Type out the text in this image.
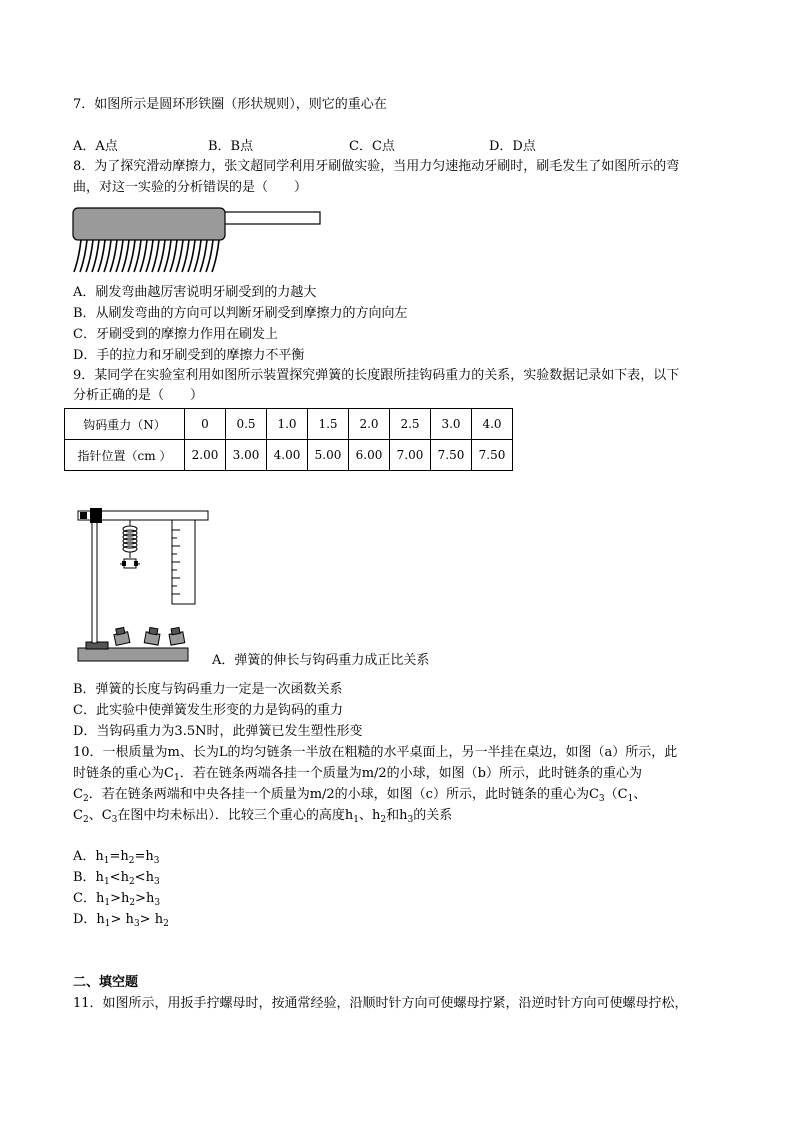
7．如图所示是圆环形铁圈（形状规则），则它的重心在
A．A点	B．B点	C．C点	D．D点
8．为了探究滑动摩擦力，张文超同学利用牙刷做实验，当用力匀速拖动牙刷时，刷毛发生了如图所示的弯
曲，对这一实验的分析错误的是（　　）
A．刷发弯曲越厉害说明牙刷受到的力越大
B．从刷发弯曲的方向可以判断牙刷受到摩擦力的方向向左
C．牙刷受到的摩擦力作用在刷发上
D．手的拉力和牙刷受到的摩擦力不平衡
9．某同学在实验室利用如图所示装置探究弹簧的长度跟所挂钩码重力的关系，实验数据记录如下表，以下
分析正确的是（　　）
钩码重力（N）	0	0.5	1.0	1.5	2.0	2.5	3.0	4.0
指针位置（cm ）	2.00	3.00	4.00	5.00	6.00	7.00	7.50	7.50
A．弹簧的伸长与钩码重力成正比关系
B．弹簧的长度与钩码重力一定是一次函数关系
C．此实验中使弹簧发生形变的力是钩码的重力
D．当钩码重力为3.5N时，此弹簧已发生塑性形变
10．一根质量为m、长为L的均匀链条一半放在粗糙的水平桌面上，另一半挂在桌边，如图（a）所示，此
时链条的重心为$C_1$．若在链条两端各挂一个质量为m/2的小球，如图（b）所示，此时链条的重心为
$C_2$．若在链条两端和中央各挂一个质量为m/2的小球，如图（c）所示，此时链条的重心为$C_3(C_1$、
$C_2$、$C_3$在图中均未标出）．比较三个重心的高度$h_1$、$h_2$和$h_3$的关系
A．$h_1=h_2=h_3$
B．$h_1<h_2<h_3$
C．$h_1>h_2>h_3$
D．$h_1> h_3> h_2$
二、填空题
11．如图所示，用扳手拧螺母时，按通常经验，沿顺时针方向可使螺母拧紧，沿逆时针方向可使螺母拧松，
